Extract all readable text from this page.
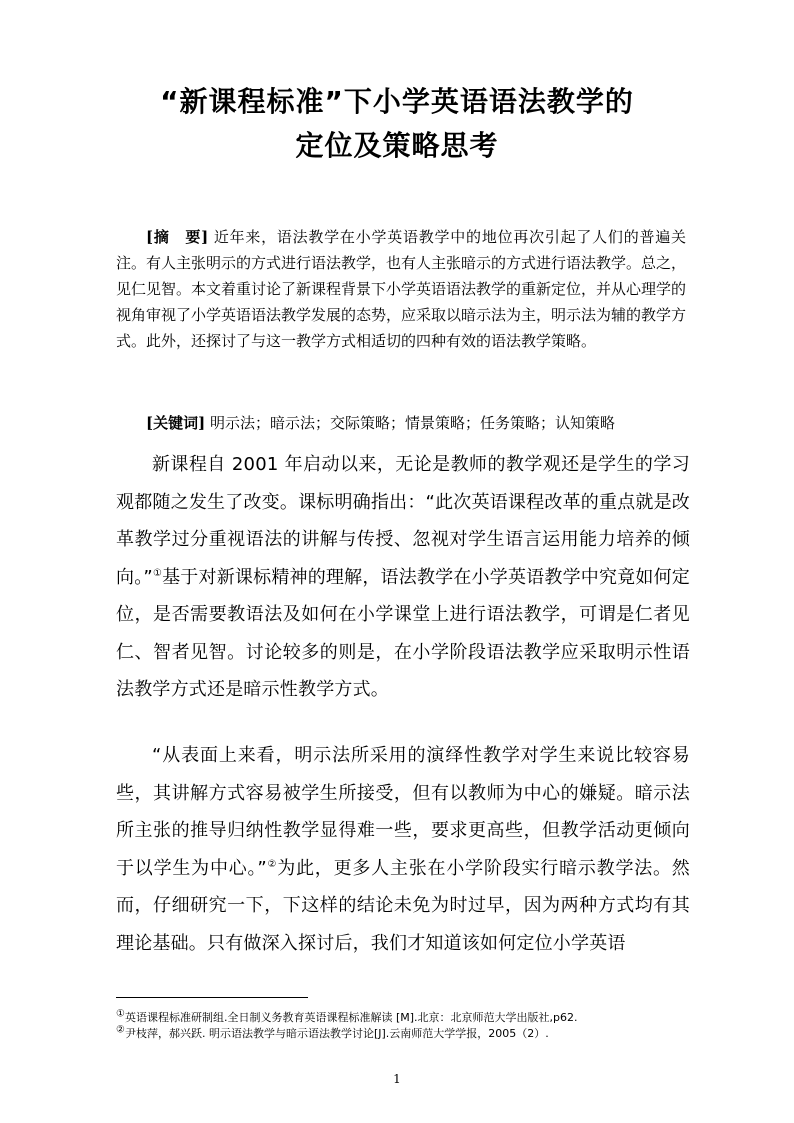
“新课程标准”下小学英语语法教学的
定位及策略思考
[摘　要] 近年来，语法教学在小学英语教学中的地位再次引起了人们的普遍关注。有人主张明示的方式进行语法教学，也有人主张暗示的方式进行语法教学。总之，见仁见智。本文着重讨论了新课程背景下小学英语语法教学的重新定位，并从心理学的视角审视了小学英语语法教学发展的态势，应采取以暗示法为主，明示法为辅的教学方式。此外，还探讨了与这一教学方式相适切的四种有效的语法教学策略。
[关键词] 明示法；暗示法；交际策略；情景策略；任务策略；认知策略

新课程自 2001 年启动以来，无论是教师的教学观还是学生的学习观都随之发生了改变。课标明确指出：“此次英语课程改革的重点就是改革教学过分重视语法的讲解与传授、忽视对学生语言运用能力培养的倾向。”①基于对新课标精神的理解，语法教学在小学英语教学中究竟如何定位，是否需要教语法及如何在小学课堂上进行语法教学，可谓是仁者见仁、智者见智。讨论较多的则是，在小学阶段语法教学应采取明示性语法教学方式还是暗示性教学方式。

“从表面上来看，明示法所采用的演绎性教学对学生来说比较容易些，其讲解方式容易被学生所接受，但有以教师为中心的嫌疑。暗示法所主张的推导归纳性教学显得难一些，要求更高些，但教学活动更倾向于以学生为中心。”②为此，更多人主张在小学阶段实行暗示教学法。然而，仔细研究一下，下这样的结论未免为时过早，因为两种方式均有其理论基础。只有做深入探讨后，我们才知道该如何定位小学英语

①英语课程标准研制组.全日制义务教育英语课程标准解读 [M].北京：北京师范大学出版社,p62.
②尹枝萍，郝兴跃. 明示语法教学与暗示语法教学讨论[J].云南师范大学学报，2005（2）.
1
